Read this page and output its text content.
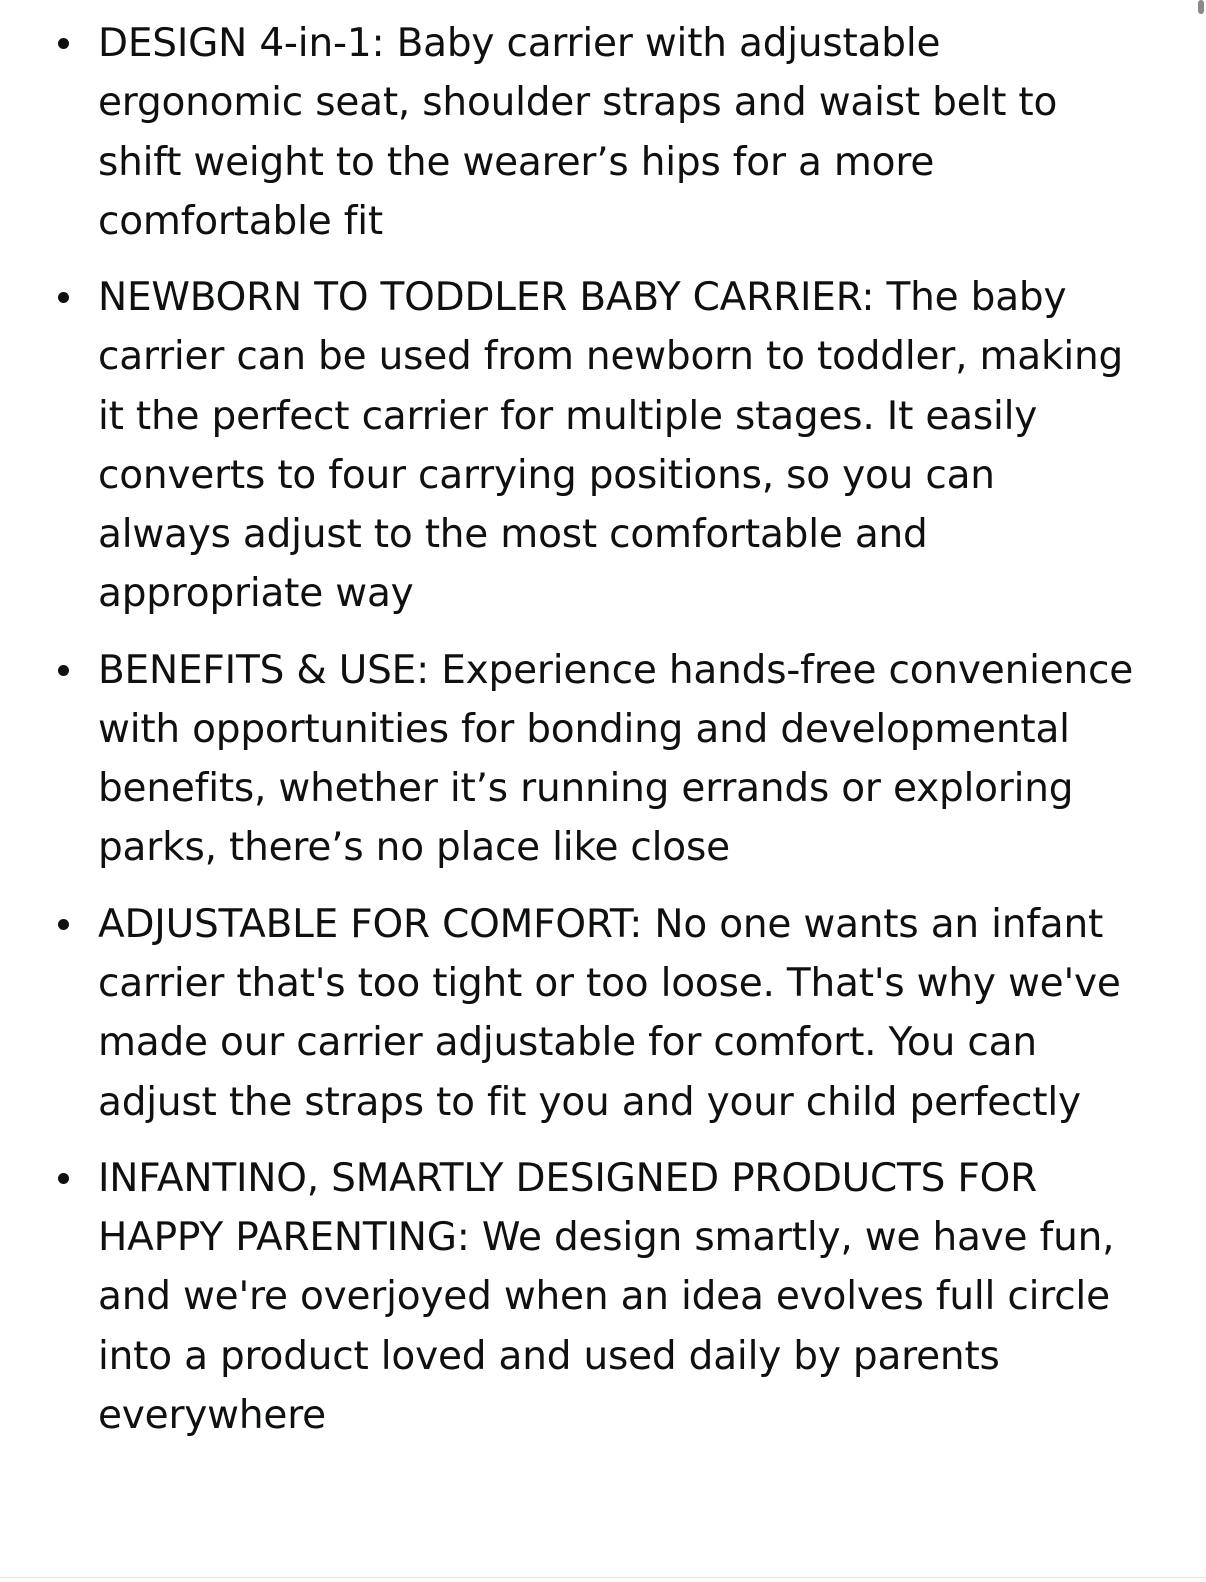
DESIGN 4-in-1: Baby carrier with adjustable ergonomic seat, shoulder straps and waist belt to shift weight to the wearer’s hips for a more comfortable fit
NEWBORN TO TODDLER BABY CARRIER: The baby carrier can be used from newborn to toddler, making it the perfect carrier for multiple stages. It easily converts to four carrying positions, so you can always adjust to the most comfortable and appropriate way
BENEFITS & USE: Experience hands-free convenience with opportunities for bonding and developmental benefits, whether it’s running errands or exploring parks, there’s no place like close
ADJUSTABLE FOR COMFORT: No one wants an infant carrier that's too tight or too loose. That's why we've made our carrier adjustable for comfort. You can adjust the straps to fit you and your child perfectly
INFANTINO, SMARTLY DESIGNED PRODUCTS FOR HAPPY PARENTING: We design smartly, we have fun, and we're overjoyed when an idea evolves full circle into a product loved and used daily by parents everywhere
